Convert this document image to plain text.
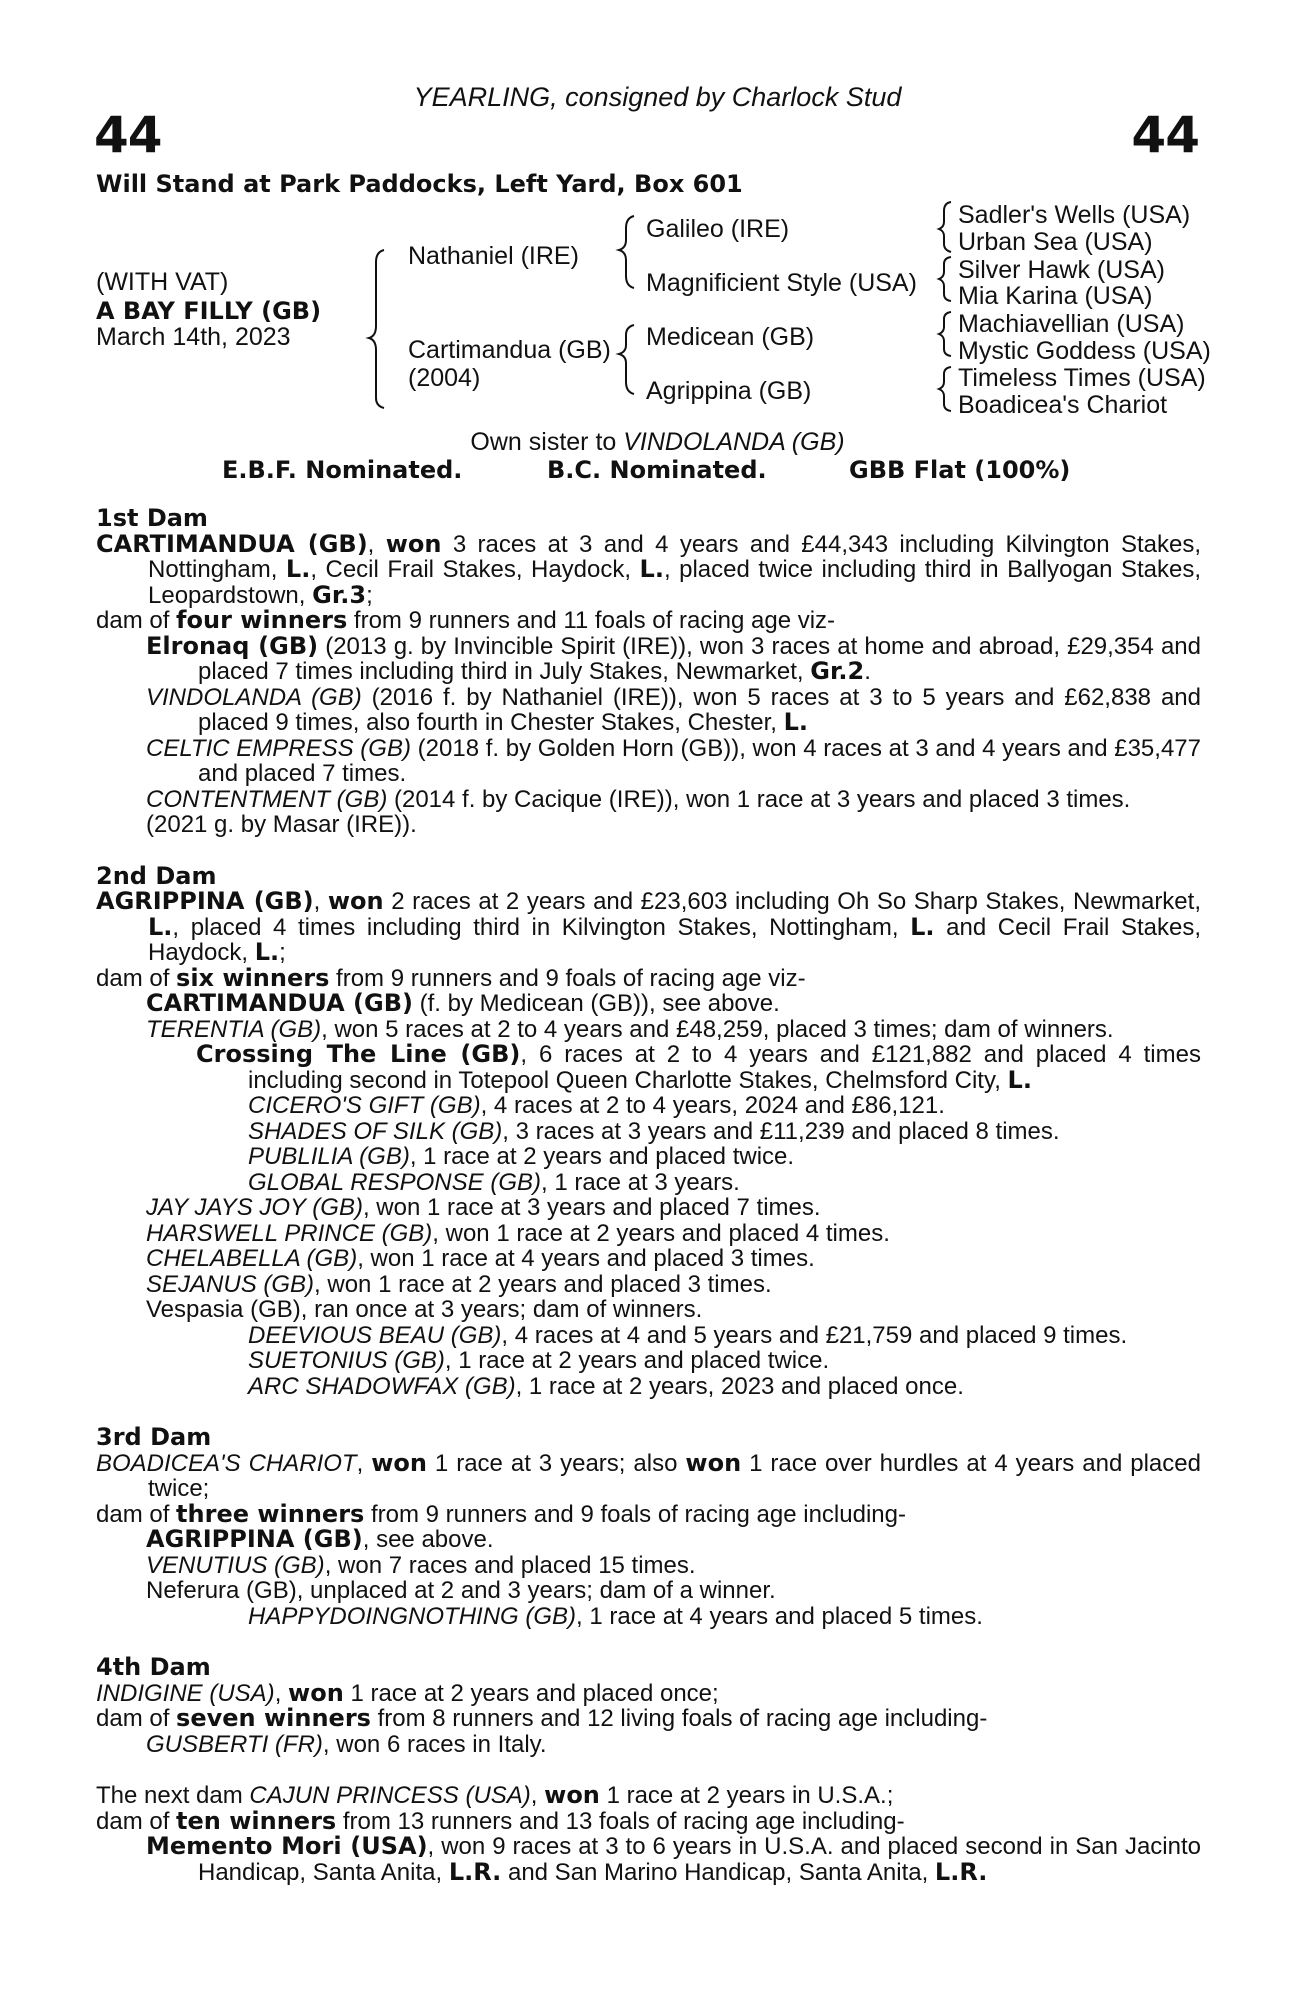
YEARLING, consigned by Charlock Stud
44	44
Will Stand at Park Paddocks, Left Yard, Box 601
(WITH VAT)
A BAY FILLY (GB)
March 14th, 2023
Nathaniel (IRE)
Cartimandua (GB)
(2004)
Galileo (IRE)
Magnificient Style (USA)
Medicean (GB)
Agrippina (GB)
Sadler's Wells (USA)
Urban Sea (USA)
Silver Hawk (USA)
Mia Karina (USA)
Machiavellian (USA)
Mystic Goddess (USA)
Timeless Times (USA)
Boadicea's Chariot
Own sister to VINDOLANDA (GB)
E.B.F. Nominated.	B.C. Nominated.	GBB Flat (100%)
1st Dam
CARTIMANDUA (GB), won 3 races at 3 and 4 years and £44,343 including Kilvington Stakes, Nottingham, L., Cecil Frail Stakes, Haydock, L., placed twice including third in Ballyogan Stakes, Leopardstown, Gr.3;
dam of four winners from 9 runners and 11 foals of racing age viz-
Elronaq (GB) (2013 g. by Invincible Spirit (IRE)), won 3 races at home and abroad, £29,354 and placed 7 times including third in July Stakes, Newmarket, Gr.2.
VINDOLANDA (GB) (2016 f. by Nathaniel (IRE)), won 5 races at 3 to 5 years and £62,838 and placed 9 times, also fourth in Chester Stakes, Chester, L.
CELTIC EMPRESS (GB) (2018 f. by Golden Horn (GB)), won 4 races at 3 and 4 years and £35,477 and placed 7 times.
CONTENTMENT (GB) (2014 f. by Cacique (IRE)), won 1 race at 3 years and placed 3 times.
(2021 g. by Masar (IRE)).
2nd Dam
AGRIPPINA (GB), won 2 races at 2 years and £23,603 including Oh So Sharp Stakes, Newmarket, L., placed 4 times including third in Kilvington Stakes, Nottingham, L. and Cecil Frail Stakes, Haydock, L.;
dam of six winners from 9 runners and 9 foals of racing age viz-
CARTIMANDUA (GB) (f. by Medicean (GB)), see above.
TERENTIA (GB), won 5 races at 2 to 4 years and £48,259, placed 3 times; dam of winners.
Crossing The Line (GB), 6 races at 2 to 4 years and £121,882 and placed 4 times including second in Totepool Queen Charlotte Stakes, Chelmsford City, L.
CICERO'S GIFT (GB), 4 races at 2 to 4 years, 2024 and £86,121.
SHADES OF SILK (GB), 3 races at 3 years and £11,239 and placed 8 times.
PUBLILIA (GB), 1 race at 2 years and placed twice.
GLOBAL RESPONSE (GB), 1 race at 3 years.
JAY JAYS JOY (GB), won 1 race at 3 years and placed 7 times.
HARSWELL PRINCE (GB), won 1 race at 2 years and placed 4 times.
CHELABELLA (GB), won 1 race at 4 years and placed 3 times.
SEJANUS (GB), won 1 race at 2 years and placed 3 times.
Vespasia (GB), ran once at 3 years; dam of winners.
DEEVIOUS BEAU (GB), 4 races at 4 and 5 years and £21,759 and placed 9 times.
SUETONIUS (GB), 1 race at 2 years and placed twice.
ARC SHADOWFAX (GB), 1 race at 2 years, 2023 and placed once.
3rd Dam
BOADICEA'S CHARIOT, won 1 race at 3 years; also won 1 race over hurdles at 4 years and placed twice;
dam of three winners from 9 runners and 9 foals of racing age including-
AGRIPPINA (GB), see above.
VENUTIUS (GB), won 7 races and placed 15 times.
Neferura (GB), unplaced at 2 and 3 years; dam of a winner.
HAPPYDOINGNOTHING (GB), 1 race at 4 years and placed 5 times.
4th Dam
INDIGINE (USA), won 1 race at 2 years and placed once;
dam of seven winners from 8 runners and 12 living foals of racing age including-
GUSBERTI (FR), won 6 races in Italy.
The next dam CAJUN PRINCESS (USA), won 1 race at 2 years in U.S.A.;
dam of ten winners from 13 runners and 13 foals of racing age including-
Memento Mori (USA), won 9 races at 3 to 6 years in U.S.A. and placed second in San Jacinto Handicap, Santa Anita, L.R. and San Marino Handicap, Santa Anita, L.R.
